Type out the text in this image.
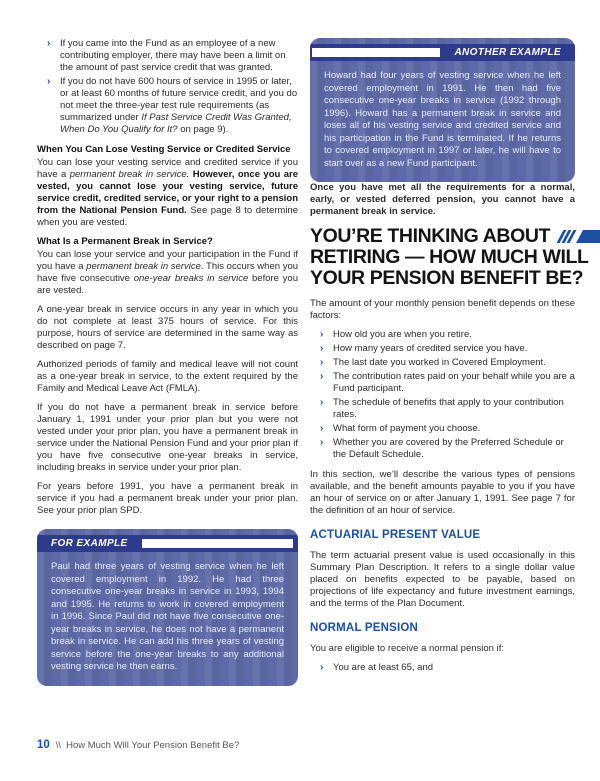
›	If you came into the Fund as an employee of a new contributing employer, there may have been a limit on the amount of past service credit that was granted.
›	If you do not have 600 hours of service in 1995 or later, or at least 60 months of future service credit, and you do not meet the three-year test rule requirements (as summarized under If Past Service Credit Was Granted, When Do You Qualify for It? on page 9).
When You Can Lose Vesting Service or Credited Service

You can lose your vesting service and credited service if you have a permanent break in service. However, once you are vested, you cannot lose your vesting service, future service credit, credited service, or your right to a pension from the National Pension Fund. See page 8 to determine when you are vested.

What Is a Permanent Break in Service?

You can lose your service and your participation in the Fund if you have a permanent break in service. This occurs when you have five consecutive one-year breaks in service before you are vested.

A one-year break in service occurs in any year in which you do not complete at least 375 hours of service. For this purpose, hours of service are determined in the same way as described on page 7.

Authorized periods of family and medical leave will not count as a one-year break in service, to the extent required by the Family and Medical Leave Act (FMLA).

If you do not have a permanent break in service before January 1, 1991 under your prior plan but you were not vested under your prior plan, you have a permanent break in service under the National Pension Fund and your prior plan if you have five consecutive one-year breaks in service, including breaks in service under your prior plan.

For years before 1991, you have a permanent break in service if you had a permanent break under your prior plan. See your prior plan SPD.

FOR EXAMPLE

Paul had three years of vesting service when he left covered employment in 1992. He had three consecutive one-year breaks in service in 1993, 1994 and 1995. He returns to work in covered employment in 1996. Since Paul did not have five consecutive one-year breaks in service, he does not have a permanent break in service. He can add his three years of vesting service before the one-year breaks to any additional vesting service he then earns.

ANOTHER EXAMPLE

Howard had four years of vesting service when he left covered employment in 1991. He then had five consecutive one-year breaks in service (1992 through 1996). Howard has a permanent break in service and loses all of his vesting service and credited service and his participation in the Fund is terminated. If he returns to covered employment in 1997 or later, he will have to start over as a new Fund participant.

Once you have met all the requirements for a normal, early, or vested deferred pension, you cannot have a permanent break in service.

YOU’RE THINKING ABOUT
RETIRING — HOW MUCH WILL
YOUR PENSION BENEFIT BE?

The amount of your monthly pension benefit depends on these factors:

›	How old you are when you retire.
›	How many years of credited service you have.
›	The last date you worked in Covered Employment.
›	The contribution rates paid on your behalf while you are a Fund participant.
›	The schedule of benefits that apply to your contribution rates.
›	What form of payment you choose.
›	Whether you are covered by the Preferred Schedule or the Default Schedule.

In this section, we’ll describe the various types of pensions available, and the benefit amounts payable to you if you have an hour of service on or after January 1, 1991. See page 7 for the definition of an hour of service.

ACTUARIAL PRESENT VALUE

The term actuarial present value is used occasionally in this Summary Plan Description. It refers to a single dollar value placed on benefits expected to be payable, based on projections of life expectancy and future investment earnings, and the terms of the Plan Document.

NORMAL PENSION

You are eligible to receive a normal pension if:

›	You are at least 65, and
10 \\ How Much Will Your Pension Benefit Be?
